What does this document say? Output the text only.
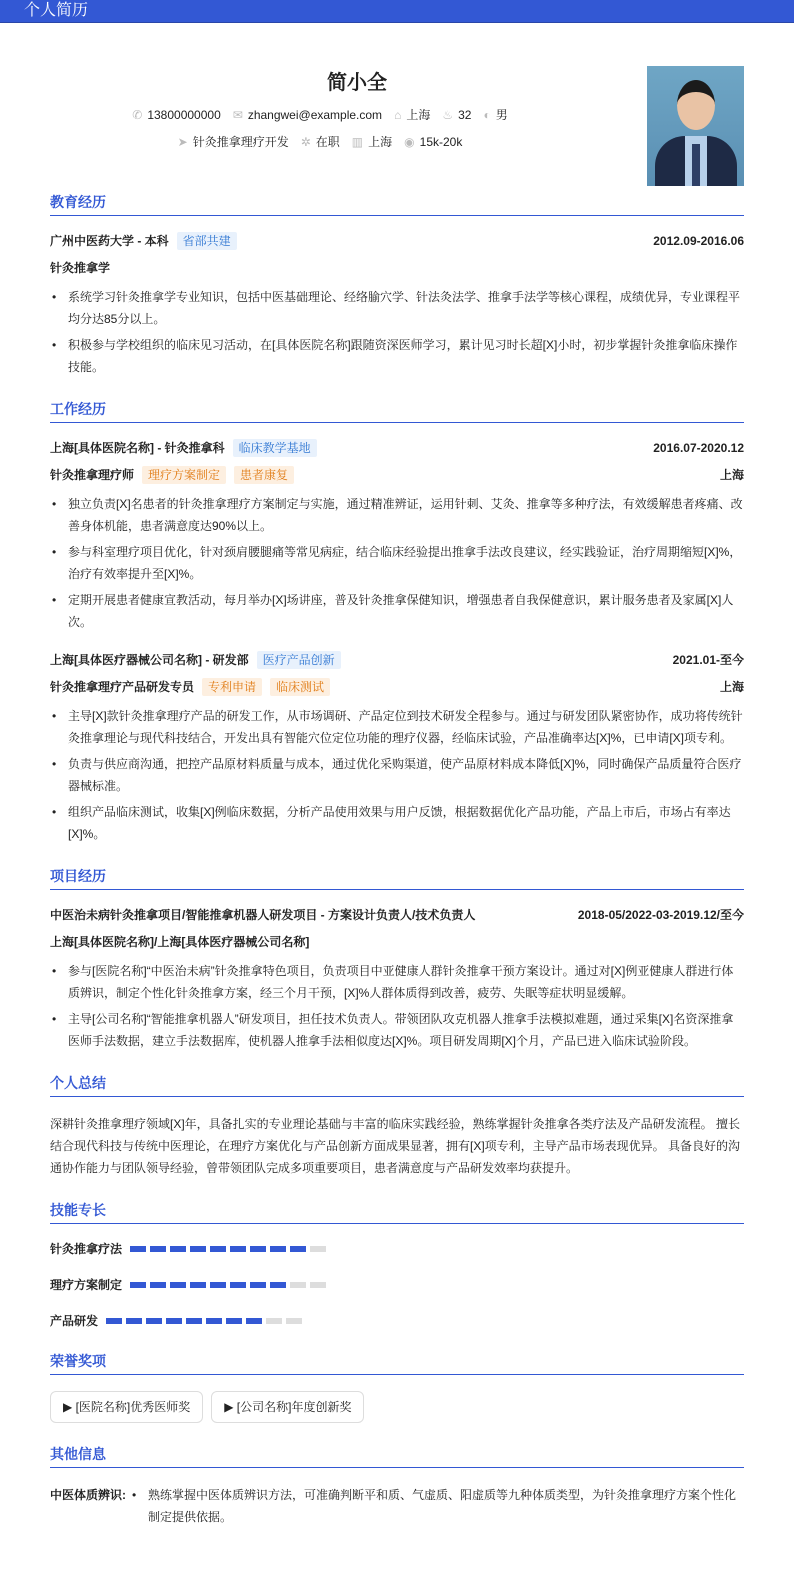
个人简历
简小全
✆ 13800000000 ✉ zhangwei@example.com ⌂ 上海 ♨ 32 ◐ 男
➤ 针灸推拿理疗开发 ✲ 在职 ▥ 上海 ◉ 15k-20k
教育经历
广州中医药大学 - 本科	省部共建	2012.09-2016.06
针灸推拿学
• 系统学习针灸推拿学专业知识，包括中医基础理论、经络腧穴学、针法灸法学、推拿手法学等核心课程，成绩优异，专业课程平均分达85分以上。
• 积极参与学校组织的临床见习活动，在[具体医院名称]跟随资深医师学习，累计见习时长超[X]小时，初步掌握针灸推拿临床操作技能。
工作经历
上海[具体医院名称] - 针灸推拿科	临床教学基地	2016.07-2020.12
针灸推拿理疗师	理疗方案制定	患者康复	上海
• 独立负责[X]名患者的针灸推拿理疗方案制定与实施，通过精准辨证，运用针刺、艾灸、推拿等多种疗法，有效缓解患者疼痛、改善身体机能，患者满意度达90%以上。
• 参与科室理疗项目优化，针对颈肩腰腿痛等常见病症，结合临床经验提出推拿手法改良建议，经实践验证，治疗周期缩短[X]%，治疗有效率提升至[X]%。
• 定期开展患者健康宣教活动，每月举办[X]场讲座，普及针灸推拿保健知识，增强患者自我保健意识，累计服务患者及家属[X]人次。
上海[具体医疗器械公司名称] - 研发部	医疗产品创新	2021.01-至今
针灸推拿理疗产品研发专员	专利申请	临床测试	上海
• 主导[X]款针灸推拿理疗产品的研发工作，从市场调研、产品定位到技术研发全程参与。通过与研发团队紧密协作，成功将传统针灸推拿理论与现代科技结合，开发出具有智能穴位定位功能的理疗仪器，经临床试验，产品准确率达[X]%，已申请[X]项专利。
• 负责与供应商沟通，把控产品原材料质量与成本，通过优化采购渠道，使产品原材料成本降低[X]%，同时确保产品质量符合医疗器械标准。
• 组织产品临床测试，收集[X]例临床数据，分析产品使用效果与用户反馈，根据数据优化产品功能，产品上市后，市场占有率达[X]%。
项目经历
中医治未病针灸推拿项目/智能推拿机器人研发项目 - 方案设计负责人/技术负责人	2018-05/2022-03-2019.12/至今
上海[具体医院名称]/上海[具体医疗器械公司名称]
• 参与[医院名称]“中医治未病”针灸推拿特色项目，负责项目中亚健康人群针灸推拿干预方案设计。通过对[X]例亚健康人群进行体质辨识，制定个性化针灸推拿方案，经三个月干预，[X]%人群体质得到改善，疲劳、失眠等症状明显缓解。
• 主导[公司名称]“智能推拿机器人”研发项目，担任技术负责人。带领团队攻克机器人推拿手法模拟难题，通过采集[X]名资深推拿医师手法数据，建立手法数据库，使机器人推拿手法相似度达[X]%。项目研发周期[X]个月，产品已进入临床试验阶段。
个人总结

深耕针灸推拿理疗领域[X]年，具备扎实的专业理论基础与丰富的临床实践经验，熟练掌握针灸推拿各类疗法及产品研发流程。 擅长结合现代科技与传统中医理论，在理疗方案优化与产品创新方面成果显著，拥有[X]项专利，主导产品市场表现优异。 具备良好的沟通协作能力与团队领导经验，曾带领团队完成多项重要项目，患者满意度与产品研发效率均获提升。

技能专长
针灸推拿疗法
理疗方案制定
产品研发
荣誉奖项
▶ [医院名称]优秀医师奖	▶ [公司名称]年度创新奖
其他信息
中医体质辨识:	• 熟练掌握中医体质辨识方法，可准确判断平和质、气虚质、阳虚质等九种体质类型，为针灸推拿理疗方案个性化制定提供依据。
